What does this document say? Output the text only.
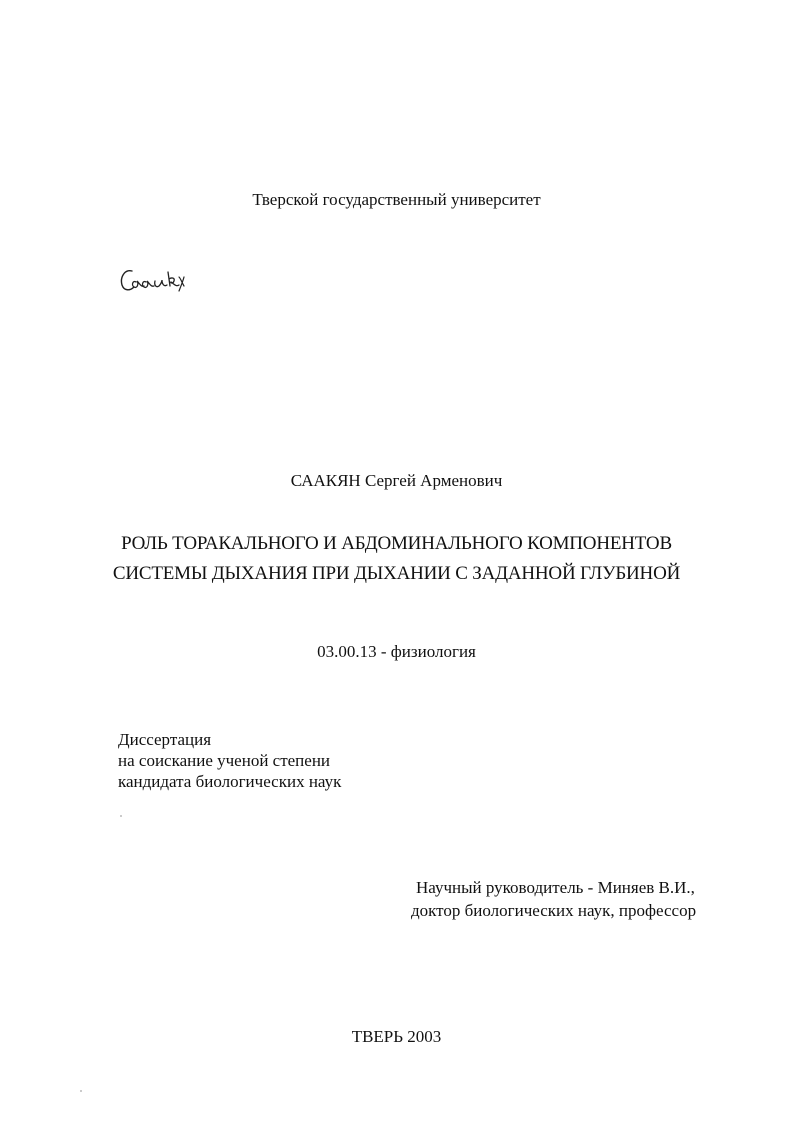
Тверской государственный университет
СААКЯН Сергей Арменович
РОЛЬ ТОРАКАЛЬНОГО И АБДОМИНАЛЬНОГО КОМПОНЕНТОВ
СИСТЕМЫ ДЫХАНИЯ ПРИ ДЫХАНИИ С ЗАДАННОЙ ГЛУБИНОЙ
03.00.13 - физиология
Диссертация
на соискание ученой степени
кандидата биологических наук
Научный руководитель - Миняев В.И.,
доктор биологических наук, профессор
ТВЕРЬ 2003
